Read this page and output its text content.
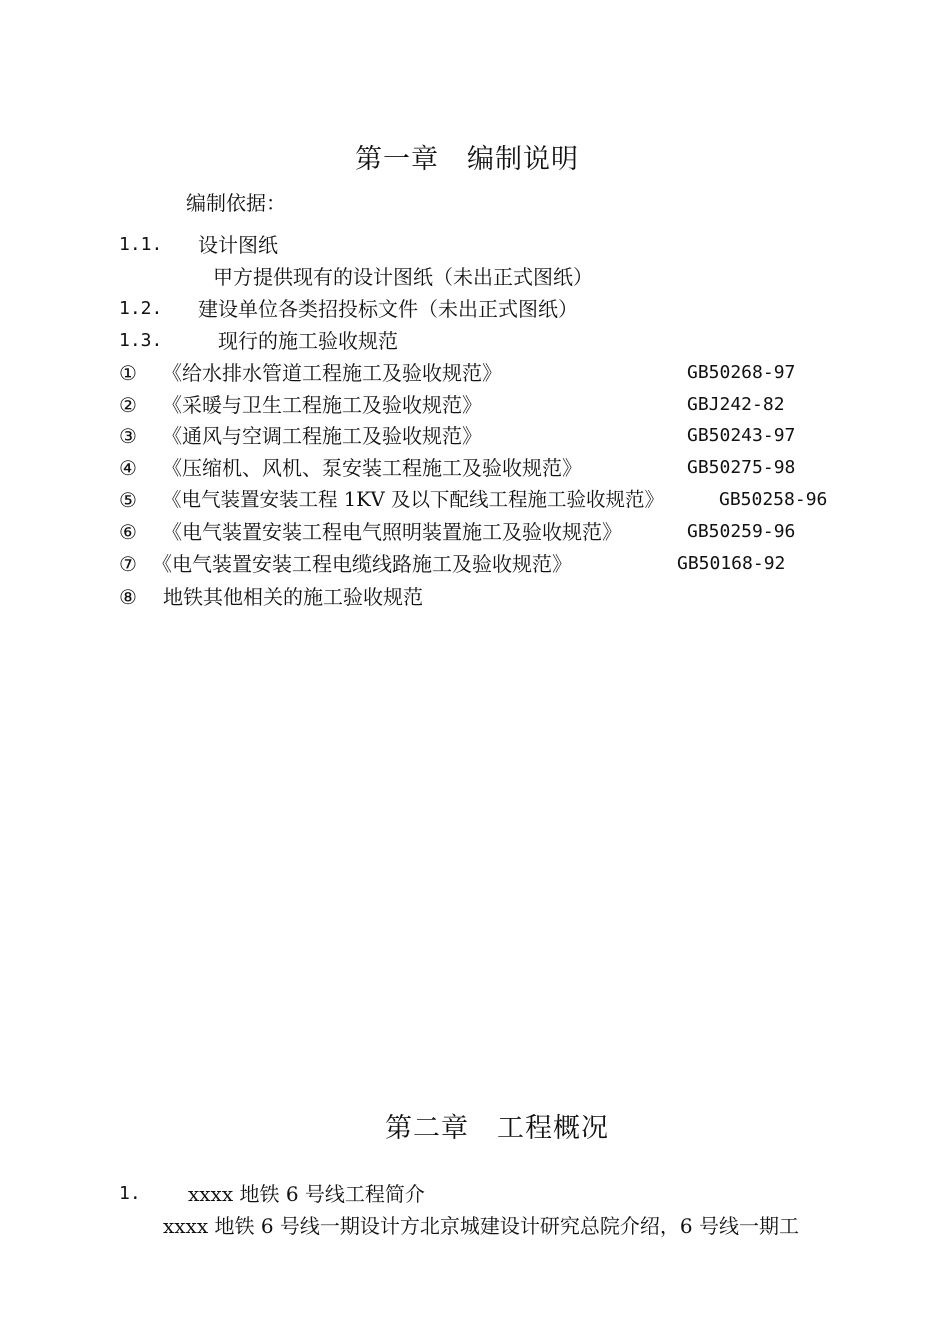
第一章　编制说明
编制依据：
1.1. 设计图纸
甲方提供现有的设计图纸（未出正式图纸）
1.2. 建设单位各类招投标文件（未出正式图纸）
1.3.	现行的施工验收规范
① 《给水排水管道工程施工及验收规范》	GB50268-97
② 《采暖与卫生工程施工及验收规范》	GBJ242-82
③ 《通风与空调工程施工及验收规范》	GB50243-97
④ 《压缩机、风机、泵安装工程施工及验收规范》	GB50275-98
⑤ 《电气装置安装工程 1KV 及以下配线工程施工验收规范》	GB50258-96
⑥ 《电气装置安装工程电气照明装置施工及验收规范》	GB50259-96
⑦ 《电气装置安装工程电缆线路施工及验收规范》	GB50168-92
⑧ 地铁其他相关的施工验收规范
第二章　工程概况
1. xxxx 地铁 6 号线工程简介
xxxx 地铁 6 号线一期设计方北京城建设计研究总院介绍，6 号线一期工
